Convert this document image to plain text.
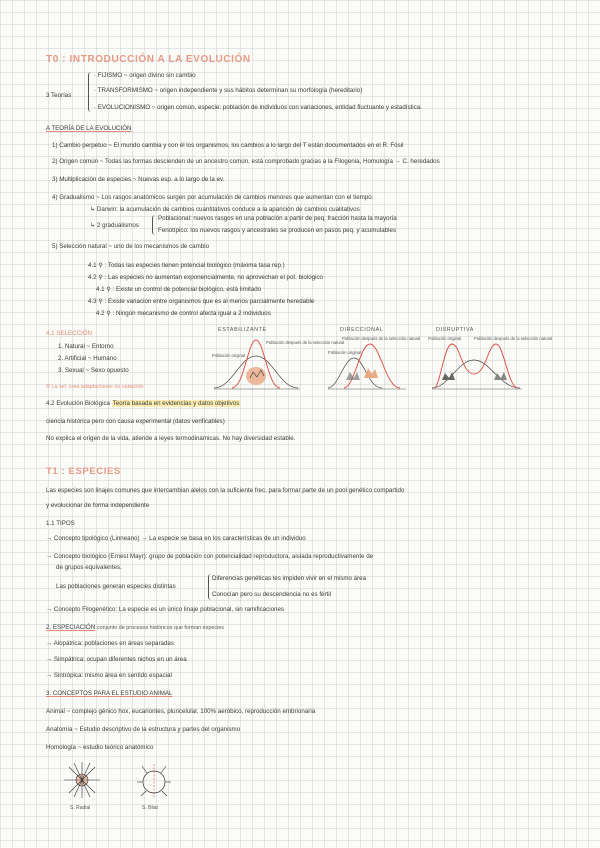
T0 : INTRODUCCIÓN A LA EVOLUCIÓN
3 Teorías
· FIJISMO ~ origen divino sin cambio
· TRANSFORMISMO ~ origen independiente y sus hábitos determinan su morfología (hereditario)
· EVOLUCIONISMO ~ origen común, especie: población de individuos con variaciones, entidad fluctuante y estadística.
A TEORÍA DE LA EVOLUCIÓN
1) Cambio perpetuo ~ El mundo cambia y con él los organismos, los cambios a lo largo del T están documentados en el R. Fósil
2) Origen común ~ Todas las formas descienden de un ancestro común, está comprobado gracias a la Filogenia, Homología → C. heredados
3) Multiplicación de especies ~ Nuevas esp. a lo largo de la ev.
4) Gradualismo ~ Los rasgos anatómicos surgen por acumulación de cambios menores que aumentan con el tiempo.
↳ Darwin: la acumulación de cambios cuantitativos conduce a la aparición de cambios cualitativos
↳ 2 gradualismos
Poblacional: nuevos rasgos en una población a partir de peq. fracción hasta la mayoría
Fenotípico: los nuevos rasgos y ancestrales se producen en pasos peq. y acumulables
5) Selección natural ~ uno de los mecanismos de cambio
4.1 ⚲ : Todas las especies tienen potencial biológico (máxima tasa rep.)
4.2 ⚲ : Las especies no aumentan exponencialmente, no aprovechan el pot. biológico
4.1 ⚲ : Existe un control de potencial biológico, está limitado
4.3 ⚲ : Existe variación entre organismos que es al menos parcialmente heredable
4.2 ⚲ : Ningún mecanismo de control afecta igual a 2 individuos
4.1 SELECCIÓN
1. Natural ~ Entorno
2. Artificial ~ Humano
3. Sexual ~ Sexo opuesto
⚲ La sel. crea adaptaciones no variación
ESTABILIZANTE	DIRECCIONAL	DISRUPTIVA
Población original
Población después de la selección natural
Población original
Población después de la selección natural Población original	Población después de la selección natural
4.2 Evolución Biológica Teoría basada en evidencias y datos objetivos
ciencia histórica pero con causa experimental (datos verificables)
No explica el origen de la vida, atiende a leyes termodinámicas. No hay diversidad estable.
T1 : ESPECIES
Las especies son linajes comunes que intercambian alelos con la suficiente frec. para formar parte de un pool genético compartido
y evolucionar de forma independiente
1.1 TIPOS
→ Concepto tipológico (Linneano) → La especie se basa en los características de un individuo
→ Concepto biológico (Ernest Mayr): grupo de población con potencialidad reproductora, aislada reproductivamente de
de grupos equivalentes.
Las poblaciones generan especies distintas
Diferencias genéticas les impiden vivir en el mismo área
Conocían pero su descendencia no es fértil
→ Concepto Filogenético: La especie es un único linaje poblacional, sin ramificaciones
2. ESPECIACIÓN conjunto de procesos históricos que forman especies
→ Alopátrica: poblaciones en áreas separadas
→ Simpátrica: ocupan diferentes nichos en un área
→ Sintrópica: mismo área en sentido espacial
3. CONCEPTOS PARA EL ESTUDIO ANIMAL
Animal ~ complejo génico hox, eucariontes, pluricelular, 100% aeróbico, reproducción embrionaria
Anatomía ~ Estudio descriptivo de la estructura y partes del organismo
Homología ~ estudio teórico anatómico
S. Radial	S. Bilat
